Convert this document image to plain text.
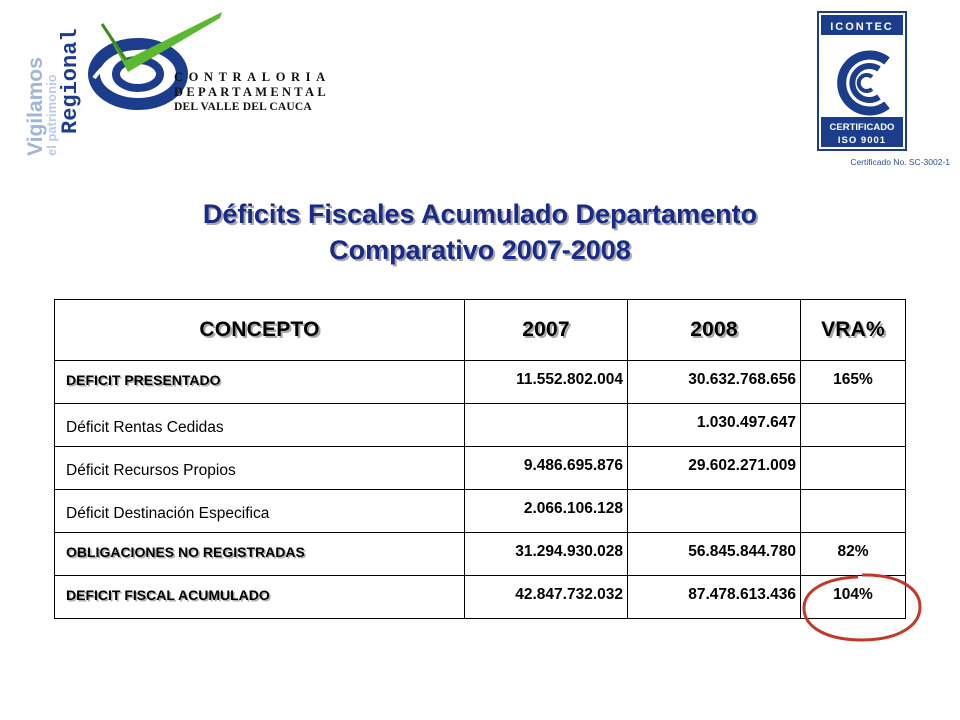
Vigilamos
el patrimonio Regional	CONTRALORIA
DEPARTAMENTAL
DEL VALLE DEL CAUCA
ICONTEC
CERTIFICADO
ISO 9001
Certificado No. SC-3002-1
Déficits Fiscales Acumulado Departamento
Comparativo 2007-2008
CONCEPTO	2007	2008	VRA%
DEFICIT PRESENTADO	11.552.802.004	30.632.768.656	165%
Déficit Rentas Cedidas		1.030.497.647	
Déficit Recursos Propios	9.486.695.876	29.602.271.009	
Déficit Destinación Especifica	2.066.106.128		
OBLIGACIONES NO REGISTRADAS	31.294.930.028	56.845.844.780	82%
DEFICIT FISCAL ACUMULADO	42.847.732.032	87.478.613.436	104%
